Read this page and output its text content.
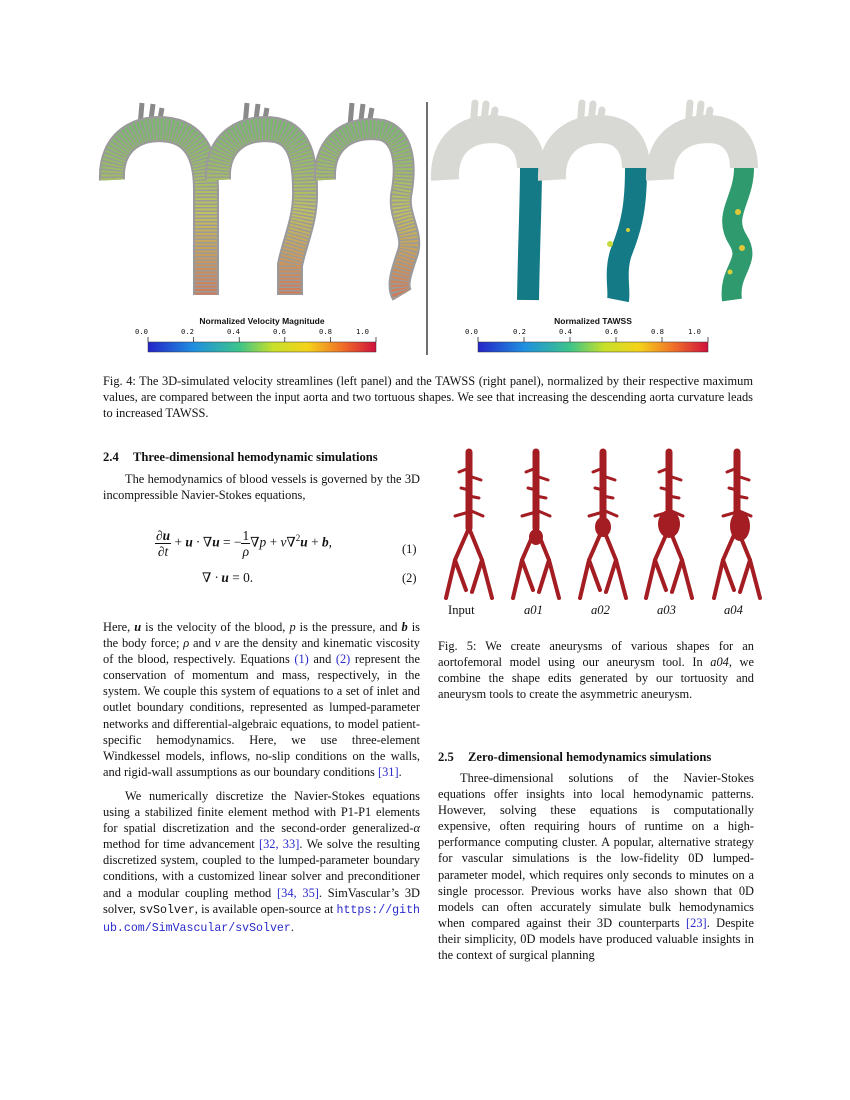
Normalized Velocity Magnitude	Normalized TAWSS
0.0	0.2	0.4	0.6	0.8	1.0	0.0	0.2	0.4	0.6	0.8	1.0
Fig. 4: The 3D-simulated velocity streamlines (left panel) and the TAWSS (right panel), normalized by their respective maximum values, are compared between the input aorta and two tortuous shapes. We see that increasing the descending aorta curvature leads to increased TAWSS.
2.4 Three-dimensional hemodynamic simulations

The hemodynamics of blood vessels is governed by the 3D incompressible Navier-Stokes equations,

$\frac{\partial u}{\partial t} + u \cdot \nabla u$ = − $\frac{1}{\rho} \nabla p + \nu\nabla^2u + b$,	(1)
∇ · u = 0.	(2)

Here, u is the velocity of the blood, p is the pressure, and b is the body force; ρ and ν are the density and kinematic viscosity of the blood, respectively. Equations (1) and (2) represent the conservation of momentum and mass, respectively, in the system. We couple this system of equations to a set of inlet and outlet boundary conditions, represented as lumped-parameter networks and differential-algebraic equations, to model patient-specific hemodynamics. Here, we use three-element Windkessel models, inflows, no-slip conditions on the walls, and rigid-wall assumptions as our boundary conditions [31].

We numerically discretize the Navier-Stokes equations using a stabilized finite element method with P1-P1 elements for spatial discretization and the second-order generalized-α method for time advancement [32, 33]. We solve the resulting discretized system, coupled to the lumped-parameter boundary conditions, with a customized linear solver and preconditioner and a modular coupling method [34, 35]. SimVascular’s 3D solver, svSolver, is available open-source at https://github.com/SimVascular/svSolver.

Input	a01	a02	a03	a04
Fig. 5: We create aneurysms of various shapes for an aortofemoral model using our aneurysm tool. In a04, we combine the shape edits generated by our tortuosity and aneurysm tools to create the asymmetric aneurysm.
2.5 Zero-dimensional hemodynamics simulations

Three-dimensional solutions of the Navier-Stokes equations offer insights into local hemodynamic patterns. However, solving these equations is computationally expensive, often requiring hours of runtime on a high-performance computing cluster. A popular, alternative strategy for vascular simulations is the low-fidelity 0D lumped-parameter model, which requires only seconds to minutes on a single processor. Previous works have also shown that 0D models can often accurately simulate bulk hemodynamics when compared against their 3D counterparts [23]. Despite their simplicity, 0D models have produced valuable insights in the context of surgical planning
